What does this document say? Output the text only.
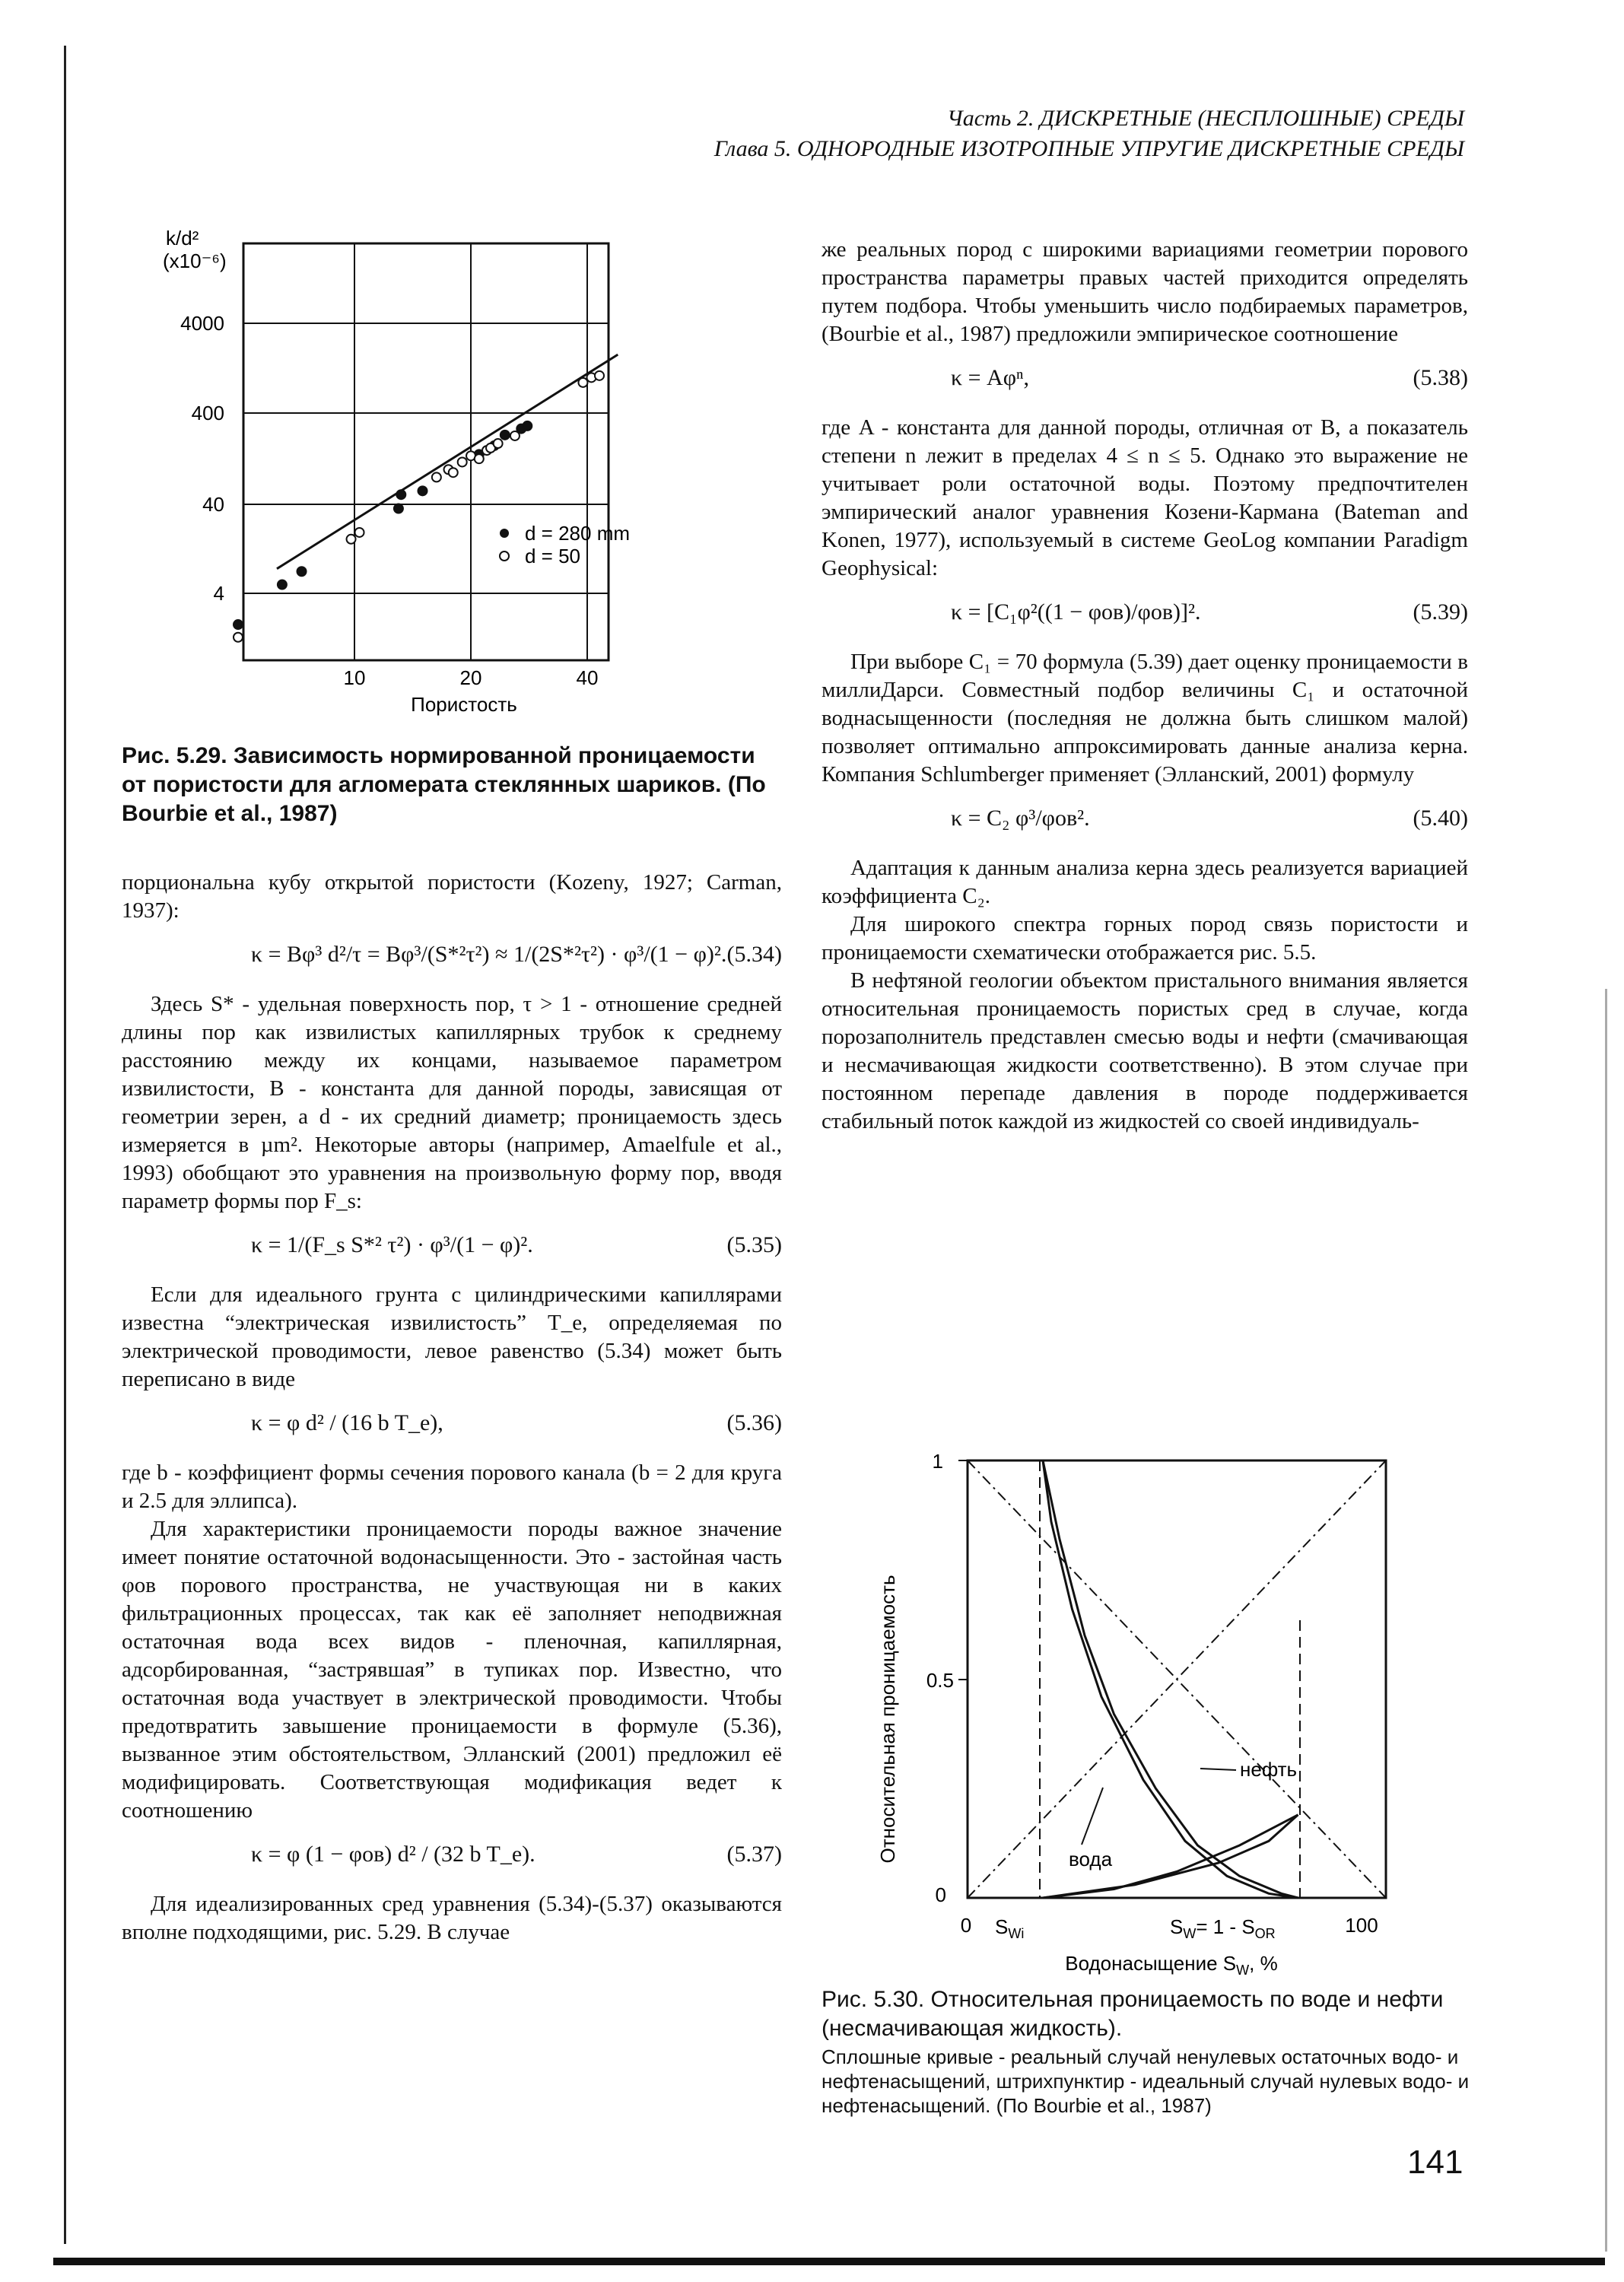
Часть 2. ДИСКРЕТНЫЕ (НЕСПЛОШНЫЕ) СРЕДЫ
Глава 5. ОДНОРОДНЫЕ ИЗОТРОПНЫЕ УПРУГИЕ ДИСКРЕТНЫЕ СРЕДЫ
k/d²
(x10⁻⁶)
4000
400
40
4
10	20	40
Пористость
d = 280 mm
d = 50
Рис. 5.29. Зависимость нормированной проницаемости от пористости для агломерата стеклянных шариков. (По Bourbie et al., 1987)

порциональна кубу открытой пористости (Kozeny, 1927; Carman, 1937):

κ = Bφ³ d²/τ = Bφ³/(S*²τ²) ≈ 1/(2S*²τ²) · φ³/(1 − φ)². (5.34)

Здесь S* - удельная поверхность пор, τ > 1 - отношение средней длины пор как извилистых капиллярных трубок к среднему расстоянию между их концами, называемое параметром извилистости, B - константа для данной породы, зависящая от геометрии зерен, а d - их средний диаметр; проницаемость здесь измеряется в µm². Некоторые авторы (например, Amaelfule et al., 1993) обобщают это уравнения на произвольную форму пор, вводя параметр формы пор F_s:

κ = 1/(F_s S*² τ²) · φ³/(1 − φ)².	(5.35)

Если для идеального грунта с цилиндрическими капиллярами известна “электрическая извилистость” T_e, определяемая по электрической проводимости, левое равенство (5.34) может быть переписано в виде

κ = φ d² / (16 b T_e),	(5.36)

где b - коэффициент формы сечения порового канала (b = 2 для круга и 2.5 для эллипса).

Для характеристики проницаемости породы важное значение имеет понятие остаточной водонасыщенности. Это - застойная часть φов порового пространства, не участвующая ни в каких фильтрационных процессах, так как её заполняет неподвижная остаточная вода всех видов - пленочная, капиллярная, адсорбированная, “застрявшая” в тупиках пор. Известно, что остаточная вода участвует в электрической проводимости. Чтобы предотвратить завышение проницаемости в формуле (5.36), вызванное этим обстоятельством, Элланский (2001) предложил её модифицировать. Соответствующая модификация ведет к соотношению

κ = φ (1 − φов) d² / (32 b T_e).	(5.37)

Для идеализированных сред уравнения (5.34)-(5.37) оказываются вполне подходящими, рис. 5.29. В случае

же реальных пород с широкими вариациями геометрии порового пространства параметры правых частей приходится определять путем подбора. Чтобы уменьшить число подбираемых параметров,(Bourbie et al., 1987) предложили эмпирическое соотношение

κ = Aφⁿ,	(5.38)

где A - константа для данной породы, отличная от B, а показатель степени n лежит в пределах 4 ≤ n ≤ 5. Однако это выражение не учитывает роли остаточной воды. Поэтому предпочтителен эмпирический аналог уравнения Козени-Кармана (Bateman and Konen, 1977), используемый в системе GeoLog компании Paradigm Geophysical:

κ = [C₁φ²((1 − φов)/φов)]².	(5.39)

При выборе C₁ = 70 формула (5.39) дает оценку проницаемости в миллиДарси. Совместный подбор величины C₁ и остаточной воднасыщенности (последняя не должна быть слишком малой) позволяет оптимально аппроксимировать данные анализа керна. Компания Schlumberger применяет (Элланский, 2001) формулу

κ = C₂ φ³/φов².	(5.40)

Адаптация к данным анализа керна здесь реализуется вариацией коэффициента C₂.

Для широкого спектра горных пород связь пористости и проницаемости схематически отображается рис. 5.5.

В нефтяной геологии объектом пристального внимания является относительная проницаемость пористых сред в случае, когда порозаполнитель представлен смесью воды и нефти (смачивающая и несмачивающая жидкости соответственно). В этом случае при постоянном перепаде давления в породе поддерживается стабильный поток каждой из жидкостей со своей индивидуаль-

Относительная проницаемость
1
0.5
0
0	100
$S_{Wi}$	$S_W= 1 - S_{OR}$
Водонасыщение $S_W$, %
нефть
вода
Рис. 5.30. Относительная проницаемость по воде и нефти (несмачивающая жидкость).
Сплошные кривые - реальный случай ненулевых остаточных водо- и нефтенасыщений, штрихпунктир - идеальный случай нулевых водо- и нефтенасыщений. (По Bourbie et al., 1987)
141
